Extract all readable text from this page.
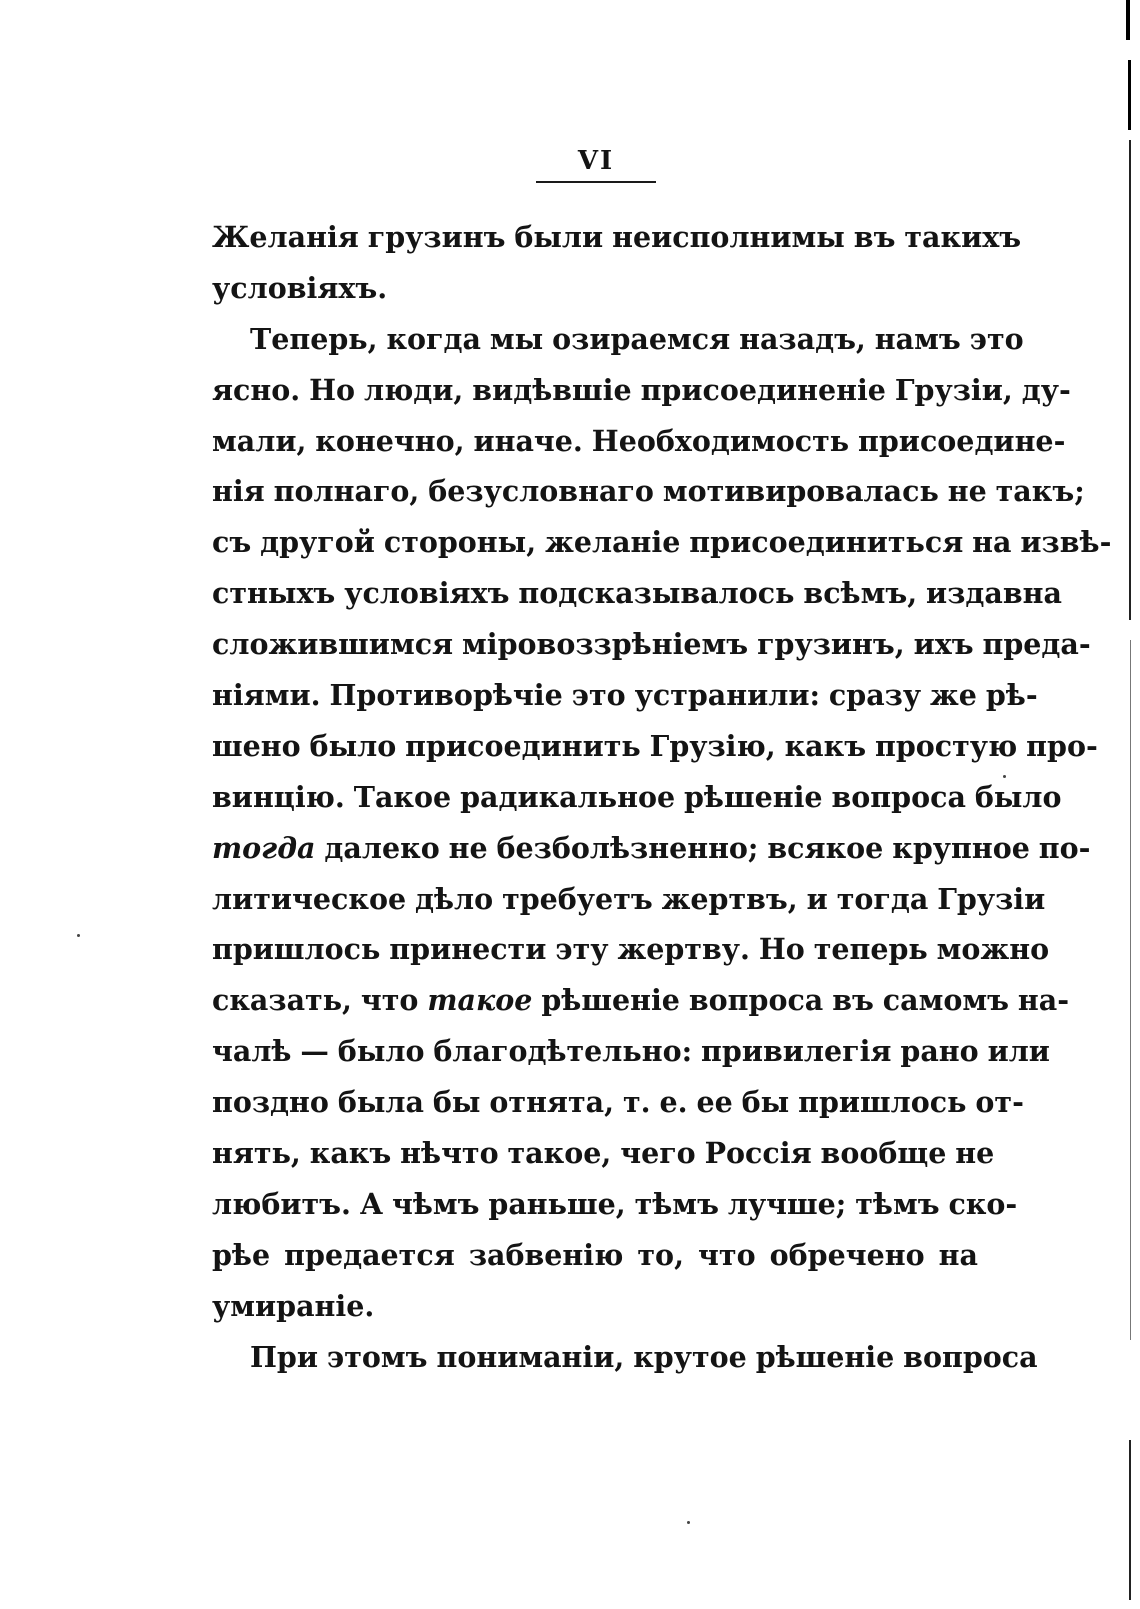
VI
Желанія грузинъ были неисполнимы въ такихъ
условіяхъ.
Теперь, когда мы озираемся назадъ, намъ это
ясно. Но люди, видѣвшіе присоединеніе Грузіи, ду-
мали, конечно, иначе. Необходимость присоедине-
нія полнаго, безусловнаго мотивировалась не такъ;
съ другой стороны, желаніе присоединиться на извѣ-
стныхъ условіяхъ подсказывалось всѣмъ, издавна
сложившимся міровоззрѣніемъ грузинъ, ихъ преда-
ніями. Противорѣчіе это устранили: сразу же рѣ-
шено было присоединить Грузію, какъ простую про-
винцію. Такое радикальное рѣшеніе вопроса было
тогда далеко не безболѣзненно; всякое крупное по-
литическое дѣло требуетъ жертвъ, и тогда Грузіи
пришлось принести эту жертву. Но теперь можно
сказать, что такое рѣшеніе вопроса въ самомъ на-
чалѣ — было благодѣтельно: привилегія рано или
поздно была бы отнята, т. е. ее бы пришлось от-
нять, какъ нѣчто такое, чего Россія вообще не
любитъ. А чѣмъ раньше, тѣмъ лучше; тѣмъ ско-
рѣе предается забвенію то, что обречено на
умираніе.
При этомъ пониманіи, крутое рѣшеніе вопроса
